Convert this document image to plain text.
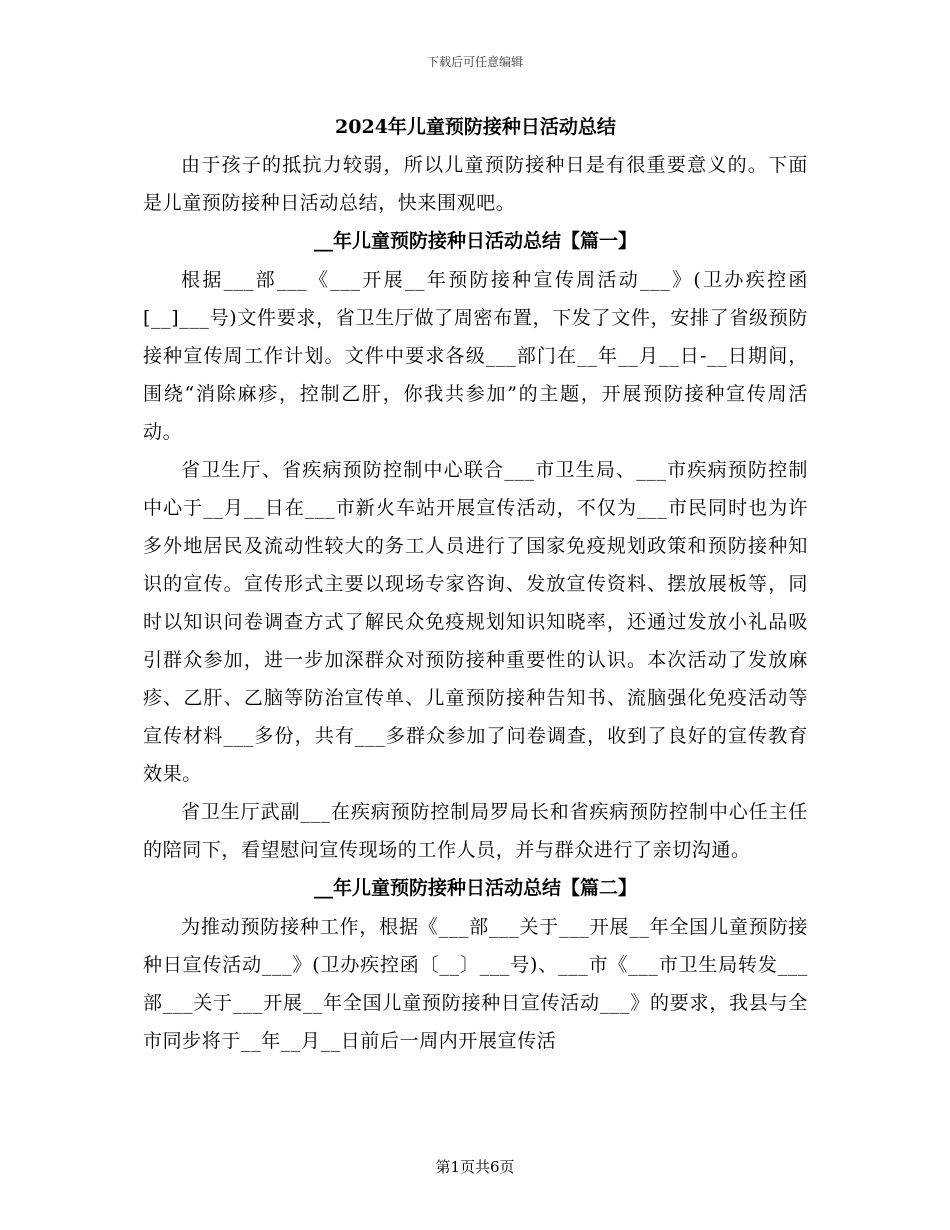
下载后可任意编辑
2024年儿童预防接种日活动总结

由于孩子的抵抗力较弱，所以儿童预防接种日是有很重要意义的。下面是儿童预防接种日活动总结，快来围观吧。

__年儿童预防接种日活动总结【篇一】

根据___部___《___开展__年预防接种宣传周活动___》(卫办疾控函[__]___号)文件要求，省卫生厅做了周密布置，下发了文件，安排了省级预防接种宣传周工作计划。文件中要求各级___部门在__年__月__日-__日期间，围绕“消除麻疹，控制乙肝，你我共参加”的主题，开展预防接种宣传周活动。

省卫生厅、省疾病预防控制中心联合___市卫生局、___市疾病预防控制中心于__月__日在___市新火车站开展宣传活动，不仅为___市民同时也为许多外地居民及流动性较大的务工人员进行了国家免疫规划政策和预防接种知识的宣传。宣传形式主要以现场专家咨询、发放宣传资料、摆放展板等，同时以知识问卷调查方式了解民众免疫规划知识知晓率，还通过发放小礼品吸引群众参加，进一步加深群众对预防接种重要性的认识。本次活动了发放麻疹、乙肝、乙脑等防治宣传单、儿童预防接种告知书、流脑强化免疫活动等宣传材料___多份，共有___多群众参加了问卷调查，收到了良好的宣传教育效果。

省卫生厅武副___在疾病预防控制局罗局长和省疾病预防控制中心任主任的陪同下，看望慰问宣传现场的工作人员，并与群众进行了亲切沟通。

__年儿童预防接种日活动总结【篇二】

为推动预防接种工作，根据《___部___关于___开展__年全国儿童预防接种日宣传活动___》(卫办疾控函〔__〕___号)、___市《___市卫生局转发___部___关于___开展__年全国儿童预防接种日宣传活动___》的要求，我县与全市同步将于__年__月__日前后一周内开展宣传活

第1页共6页
